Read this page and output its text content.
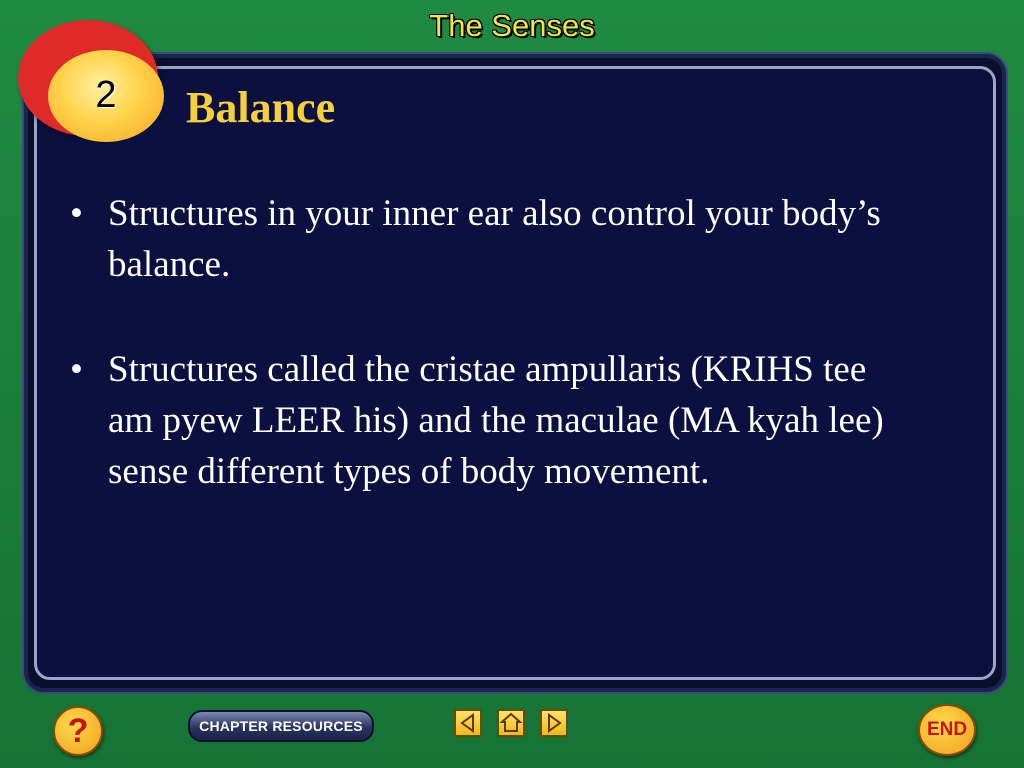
The Senses
2	Balance
• Structures in your inner ear also control your body’s balance.
• Structures called the cristae ampullaris (KRIHS tee am pyew LEER his) and the maculae (MA kyah lee) sense different types of body movement.
?	CHAPTER RESOURCES	END
